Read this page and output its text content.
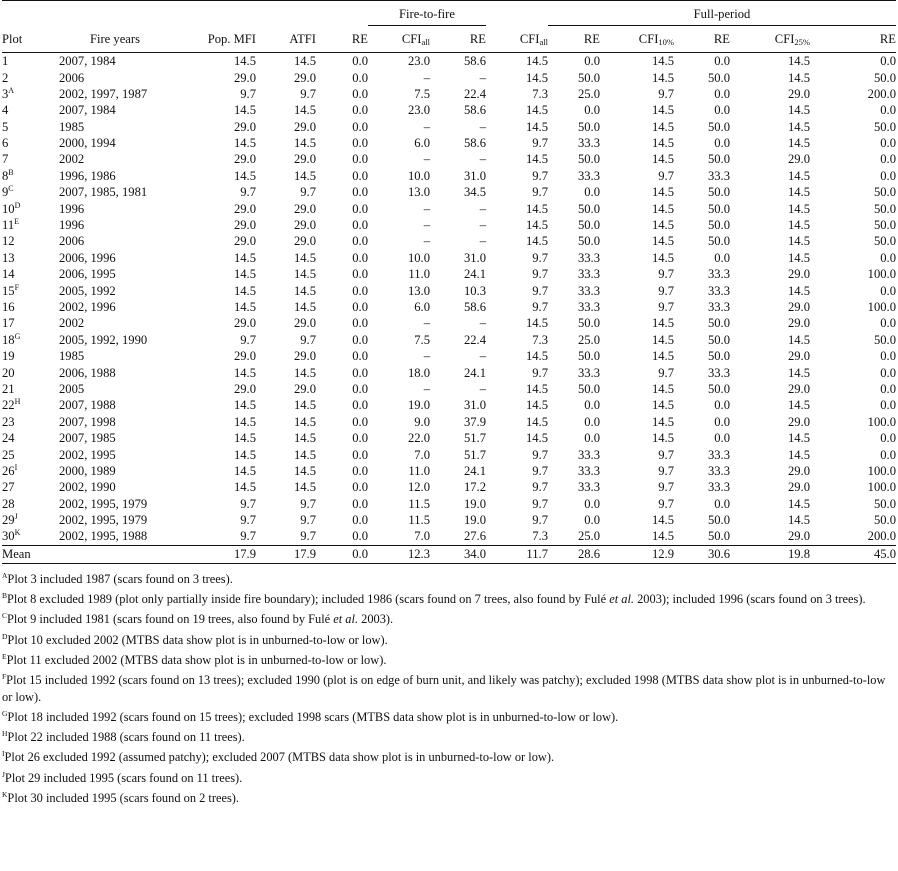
					Fire-to-fire			Full-period				
Plot	Fire years	Pop. MFI	ATFI	RE	$CFI_{all}$	RE	$CFI_{all}$	RE	$CFI_{10\%}$	RE	$CFI_{25\%}$	RE
1	2007, 1984	14.5	14.5	0.0	23.0	58.6	14.5	0.0	14.5	0.0	14.5	0.0
2	2006	29.0	29.0	0.0	–	–	14.5	50.0	14.5	50.0	14.5	50.0
$3^A$	2002, 1997, 1987	9.7	9.7	0.0	7.5	22.4	7.3	25.0	9.7	0.0	29.0	200.0
4	2007, 1984	14.5	14.5	0.0	23.0	58.6	14.5	0.0	14.5	0.0	14.5	0.0
5	1985	29.0	29.0	0.0	–	–	14.5	50.0	14.5	50.0	14.5	50.0
6	2000, 1994	14.5	14.5	0.0	6.0	58.6	9.7	33.3	14.5	0.0	14.5	0.0
7	2002	29.0	29.0	0.0	–	–	14.5	50.0	14.5	50.0	29.0	0.0
$8^B$	1996, 1986	14.5	14.5	0.0	10.0	31.0	9.7	33.3	9.7	33.3	14.5	0.0
$9^C$	2007, 1985, 1981	9.7	9.7	0.0	13.0	34.5	9.7	0.0	14.5	50.0	14.5	50.0
$10^D$	1996	29.0	29.0	0.0	–	–	14.5	50.0	14.5	50.0	14.5	50.0
$11^E$	1996	29.0	29.0	0.0	–	–	14.5	50.0	14.5	50.0	14.5	50.0
12	2006	29.0	29.0	0.0	–	–	14.5	50.0	14.5	50.0	14.5	50.0
13	2006, 1996	14.5	14.5	0.0	10.0	31.0	9.7	33.3	14.5	0.0	14.5	0.0
14	2006, 1995	14.5	14.5	0.0	11.0	24.1	9.7	33.3	9.7	33.3	29.0	100.0
$15^F$	2005, 1992	14.5	14.5	0.0	13.0	10.3	9.7	33.3	9.7	33.3	14.5	0.0
16	2002, 1996	14.5	14.5	0.0	6.0	58.6	9.7	33.3	9.7	33.3	29.0	100.0
17	2002	29.0	29.0	0.0	–	–	14.5	50.0	14.5	50.0	29.0	0.0
$18^G$	2005, 1992, 1990	9.7	9.7	0.0	7.5	22.4	7.3	25.0	14.5	50.0	14.5	50.0
19	1985	29.0	29.0	0.0	–	–	14.5	50.0	14.5	50.0	29.0	0.0
20	2006, 1988	14.5	14.5	0.0	18.0	24.1	9.7	33.3	9.7	33.3	14.5	0.0
21	2005	29.0	29.0	0.0	–	–	14.5	50.0	14.5	50.0	29.0	0.0
$22^H$	2007, 1988	14.5	14.5	0.0	19.0	31.0	14.5	0.0	14.5	0.0	14.5	0.0
23	2007, 1998	14.5	14.5	0.0	9.0	37.9	14.5	0.0	14.5	0.0	29.0	100.0
24	2007, 1985	14.5	14.5	0.0	22.0	51.7	14.5	0.0	14.5	0.0	14.5	0.0
25	2002, 1995	14.5	14.5	0.0	7.0	51.7	9.7	33.3	9.7	33.3	14.5	0.0
$26^I$	2000, 1989	14.5	14.5	0.0	11.0	24.1	9.7	33.3	9.7	33.3	29.0	100.0
27	2002, 1990	14.5	14.5	0.0	12.0	17.2	9.7	33.3	9.7	33.3	29.0	100.0
28	2002, 1995, 1979	9.7	9.7	0.0	11.5	19.0	9.7	0.0	9.7	0.0	14.5	50.0
$29^J$	2002, 1995, 1979	9.7	9.7	0.0	11.5	19.0	9.7	0.0	14.5	50.0	14.5	50.0
$30^K$	2002, 1995, 1988	9.7	9.7	0.0	7.0	27.6	7.3	25.0	14.5	50.0	29.0	200.0
Mean		17.9	17.9	0.0	12.3	34.0	11.7	28.6	12.9	30.6	19.8	45.0

$^A$Plot 3 included 1987 (scars found on 3 trees).

$^B$Plot 8 excluded 1989 (plot only partially inside fire boundary); included 1986 (scars found on 7 trees, also found by Fulé et al. 2003); included 1996 (scars found on 3 trees).

$^C$Plot 9 included 1981 (scars found on 19 trees, also found by Fulé et al. 2003).

$^D$Plot 10 excluded 2002 (MTBS data show plot is in unburned-to-low or low).

$^E$Plot 11 excluded 2002 (MTBS data show plot is in unburned-to-low or low).

$^F$Plot 15 included 1992 (scars found on 13 trees); excluded 1990 (plot is on edge of burn unit, and likely was patchy); excluded 1998 (MTBS data show plot is in unburned-to-low or low).

$^G$Plot 18 included 1992 (scars found on 15 trees); excluded 1998 scars (MTBS data show plot is in unburned-to-low or low).

$^H$Plot 22 included 1988 (scars found on 11 trees).

$^I$Plot 26 excluded 1992 (assumed patchy); excluded 2007 (MTBS data show plot is in unburned-to-low or low).

$^J$Plot 29 included 1995 (scars found on 11 trees).

$^K$Plot 30 included 1995 (scars found on 2 trees).
